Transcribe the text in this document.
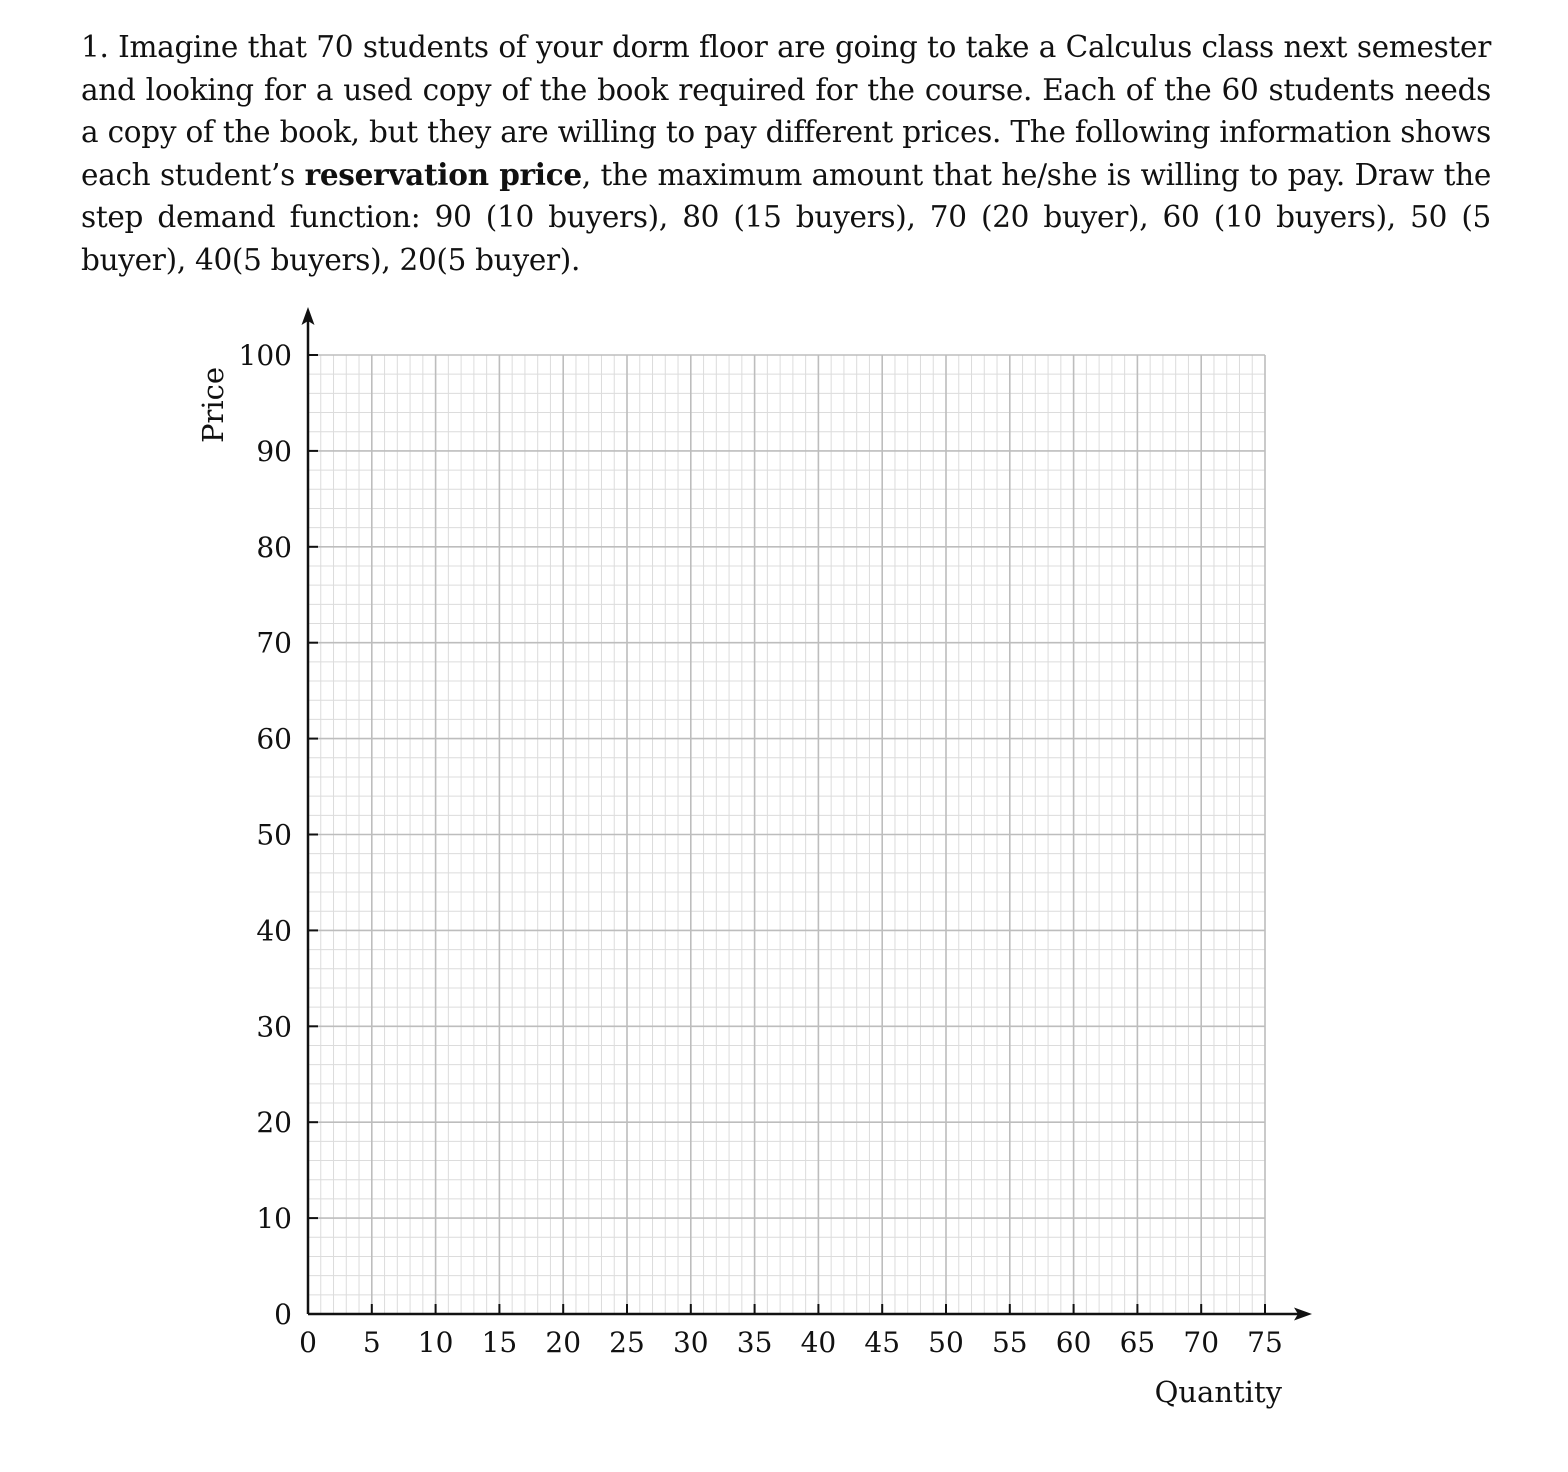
1. Imagine that 70 students of your dorm floor are going to take a Calculus class next semester and looking for a used copy of the book required for the course. Each of the 60 students needs a copy of the book, but they are willing to pay different prices. The following information shows each student’s reservation price, the maximum amount that he/she is willing to pay. Draw the step demand function: 90 (10 buyers), 80 (15 buyers), 70 (20 buyer), 60 (10 buyers), 50 (5 buyer), 40(5 buyers), 20(5 buyer).
0 5 10 15 20 25 30 35 40 45 50 55 60 65 70 75
0
10
20
30
40
50
60
70
80
90
100
Price
Quantity
